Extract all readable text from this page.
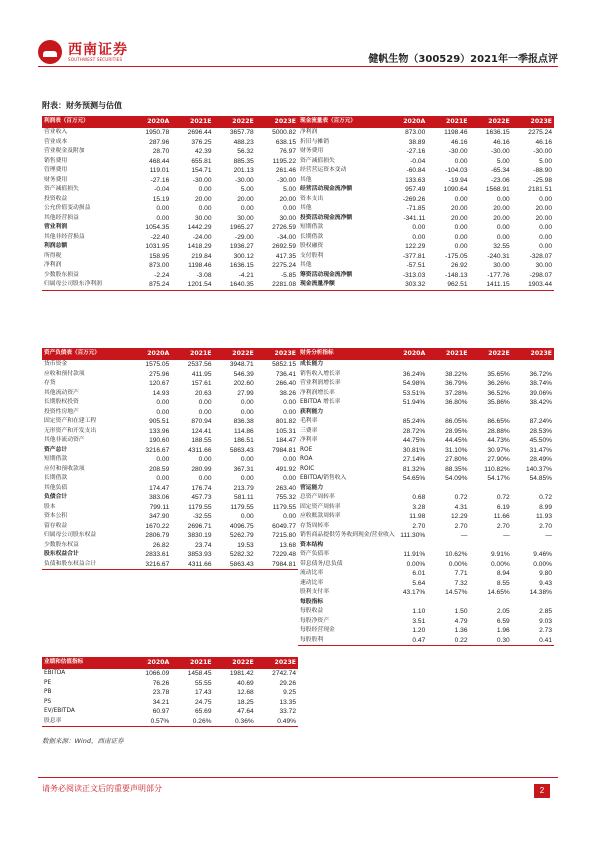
西南证券
SOUTHWEST SECURITIES	健帆生物（300529）2021年一季报点评
附表：财务预测与估值
利润表（百万元）	2020A	2021E	2022E	2023E
营业收入	1950.78	2696.44	3657.78	5000.82
营业成本	287.96	376.25	488.23	638.15
营业税金及附加	28.70	42.39	56.32	76.97
销售费用	468.44	655.81	885.35	1195.22
管理费用	119.01	154.71	201.13	261.46
财务费用	-27.16	-30.00	-30.00	-30.00
资产减值损失	-0.04	0.00	5.00	5.00
投资收益	15.19	20.00	20.00	20.00
公允价值变动损益	0.00	0.00	0.00	0.00
其他经营损益	0.00	30.00	30.00	30.00
营业利润	1054.35	1442.29	1965.27	2726.59
其他非经营损益	-22.40	-24.00	-29.00	-34.00
利润总额	1031.95	1418.29	1936.27	2692.59
所得税	158.95	219.84	300.12	417.35
净利润	873.00	1198.46	1636.15	2275.24
少数股东损益	-2.24	-3.08	-4.21	-5.85
归属母公司股东净利润	875.24	1201.54	1640.35	2281.08
现金流量表（百万元）	2020A	2021E	2022E	2023E
净利润	873.00	1198.46	1636.15	2275.24
折旧与摊销	38.89	46.16	46.16	46.16
财务费用	-27.16	-30.00	-30.00	-30.00
资产减值损失	-0.04	0.00	5.00	5.00
经营营运资本变动	-60.84	-104.03	-65.34	-88.90
其他	133.63	-19.94	-23.06	-25.98
经营活动现金流净额	957.49	1090.64	1568.91	2181.51
资本支出	-269.26	0.00	0.00	0.00
其他	-71.85	20.00	20.00	20.00
投资活动现金流净额	-341.11	20.00	20.00	20.00
短期借款	0.00	0.00	0.00	0.00
长期借款	0.00	0.00	0.00	0.00
股权融资	122.29	0.00	32.55	0.00
支付股利	-377.81	-175.05	-240.31	-328.07
其他	-57.51	26.92	30.00	30.00
筹资活动现金流净额	-313.03	-148.13	-177.76	-298.07
现金流量净额	303.32	962.51	1411.15	1903.44
资产负债表（百万元）	2020A	2021E	2022E	2023E
货币资金	1575.05	2537.56	3948.71	5852.15
应收和预付款项	275.96	411.95	546.39	736.41
存货	120.67	157.61	202.60	266.40
其他流动资产	14.93	20.63	27.99	38.26
长期股权投资	0.00	0.00	0.00	0.00
投资性房地产	0.00	0.00	0.00	0.00
固定资产和在建工程	905.51	870.94	836.38	801.82
无形资产和开发支出	133.96	124.41	114.86	105.31
其他非流动资产	190.60	188.55	186.51	184.47
资产总计	3216.67	4311.66	5863.43	7984.81
短期借款	0.00	0.00	0.00	0.00
应付和预收款项	208.59	280.99	367.31	491.92
长期借款	0.00	0.00	0.00	0.00
其他负债	174.47	176.74	213.79	263.40
负债合计	383.06	457.73	581.11	755.32
股本	799.11	1179.55	1179.55	1179.55
资本公积	347.90	-32.55	0.00	0.00
留存收益	1670.22	2696.71	4096.75	6049.77
归属母公司股东权益	2806.79	3830.19	5262.79	7215.80
少数股东权益	26.82	23.74	19.53	13.68
股东权益合计	2833.61	3853.93	5282.32	7229.48
负债和股东权益合计	3216.67	4311.66	5863.43	7984.81
财务分析指标	2020A	2021E	2022E	2023E
成长能力				
销售收入增长率	36.24%	38.22%	35.65%	36.72%
营业利润增长率	54.98%	36.79%	36.26%	38.74%
净利润增长率	53.51%	37.28%	36.52%	39.06%
EBITDA 增长率	51.94%	36.80%	35.86%	38.42%
获利能力				
毛利率	85.24%	86.05%	86.65%	87.24%
三费率	28.72%	28.95%	28.88%	28.53%
净利率	44.75%	44.45%	44.73%	45.50%
ROE	30.81%	31.10%	30.97%	31.47%
ROA	27.14%	27.80%	27.90%	28.49%
ROIC	81.32%	88.35%	110.82%	140.37%
EBITDA/销售收入	54.65%	54.09%	54.17%	54.85%
营运能力				
总资产周转率	0.68	0.72	0.72	0.72
固定资产周转率	3.28	4.31	6.19	8.99
应收账款周转率	11.98	12.29	11.66	11.93
存货周转率	2.70	2.70	2.70	2.70
销售商品提供劳务收到现金/营业收入	111.30%	—	—	—
资本结构				
资产负债率	11.91%	10.62%	9.91%	9.46%
带息债务/总负债	0.00%	0.00%	0.00%	0.00%
流动比率	6.01	7.71	8.94	9.80
速动比率	5.64	7.32	8.55	9.43
股利支付率	43.17%	14.57%	14.65%	14.38%
每股指标				
每股收益	1.10	1.50	2.05	2.85
每股净资产	3.51	4.79	6.59	9.03
每股经营现金	1.20	1.36	1.96	2.73
每股股利	0.47	0.22	0.30	0.41
业绩和估值指标	2020A	2021E	2022E	2023E
EBITDA	1066.09	1458.45	1981.42	2742.74
PE	76.26	55.55	40.69	29.26
PB	23.78	17.43	12.68	9.25
PS	34.21	24.75	18.25	13.35
EV/EBITDA	60.97	65.69	47.64	33.72
股息率	0.57%	0.26%	0.36%	0.49%
数据来源：Wind，西南证券
请务必阅读正文后的重要声明部分	2
